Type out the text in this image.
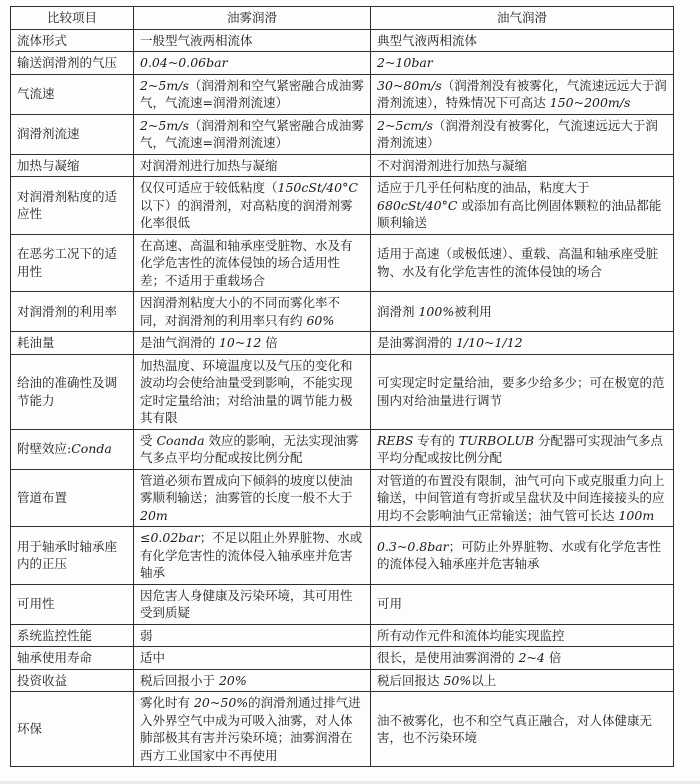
比较项目	油雾润滑	油气润滑
流体形式	一般型气液两相流体	典型气液两相流体
输送润滑剂的气压	0.04~0.06bar	2~10bar
气流速	2~5m/s（润滑剂和空气紧密融合成油雾气，气流速=润滑剂流速）	30~80m/s（润滑剂没有被雾化，气流速远远大于润滑剂流速），特殊情况下可高达 150~200m/s
润滑剂流速	2~5m/s（润滑剂和空气紧密融合成油雾气，气流速=润滑剂流速）	2~5cm/s（润滑剂没有被雾化，气流速远远大于润滑剂流速）
加热与凝缩	对润滑剂进行加热与凝缩	不对润滑剂进行加热与凝缩
对润滑剂粘度的适应性	仅仅可适应于较低粘度（150cSt/40°C 以下）的润滑剂，对高粘度的润滑剂雾化率很低	适应于几乎任何粘度的油品，粘度大于 680cSt/40°C 或添加有高比例固体颗粒的油品都能顺利输送
在恶劣工况下的适用性	在高速、高温和轴承座受脏物、水及有化学危害性的流体侵蚀的场合适用性差；不适用于重载场合	适用于高速（或极低速）、重载、高温和轴承座受脏物、水及有化学危害性的流体侵蚀的场合
对润滑剂的利用率	因润滑剂粘度大小的不同而雾化率不同，对润滑剂的利用率只有约 60%	润滑剂 100%被利用
耗油量	是油气润滑的 10~12 倍	是油雾润滑的 1/10~1/12
给油的准确性及调节能力	加热温度、环境温度以及气压的变化和波动均会使给油量受到影响，不能实现定时定量给油；对给油量的调节能力极其有限	可实现定时定量给油，要多少给多少；可在极宽的范围内对给油量进行调节
附壁效应:Conda	受 Coanda 效应的影响，无法实现油雾气多点平均分配或按比例分配	REBS 专有的 TURBOLUB 分配器可实现油气多点平均分配或按比例分配
管道布置	管道必须布置成向下倾斜的坡度以使油雾顺利输送；油雾管的长度一般不大于 20m	对管道的布置没有限制，油气可向下或克服重力向上输送，中间管道有弯折或呈盘状及中间连接接头的应用均不会影响油气正常输送；油气管可长达 100m
用于轴承时轴承座内的正压	≤0.02bar；不足以阻止外界脏物、水或有化学危害性的流体侵入轴承座并危害轴承	0.3~0.8bar；可防止外界脏物、水或有化学危害性的流体侵入轴承座并危害轴承
可用性	因危害人身健康及污染环境，其可用性受到质疑	可用
系统监控性能	弱	所有动作元件和流体均能实现监控
轴承使用寿命	适中	很长，是使用油雾润滑的 2~4 倍
投资收益	税后回报小于 20%	税后回报达 50%以上
环保	雾化时有 20~50%的润滑剂通过排气进入外界空气中成为可吸入油雾，对人体肺部极其有害并污染环境；油雾润滑在西方工业国家中不再使用	油不被雾化，也不和空气真正融合，对人体健康无害，也不污染环境
